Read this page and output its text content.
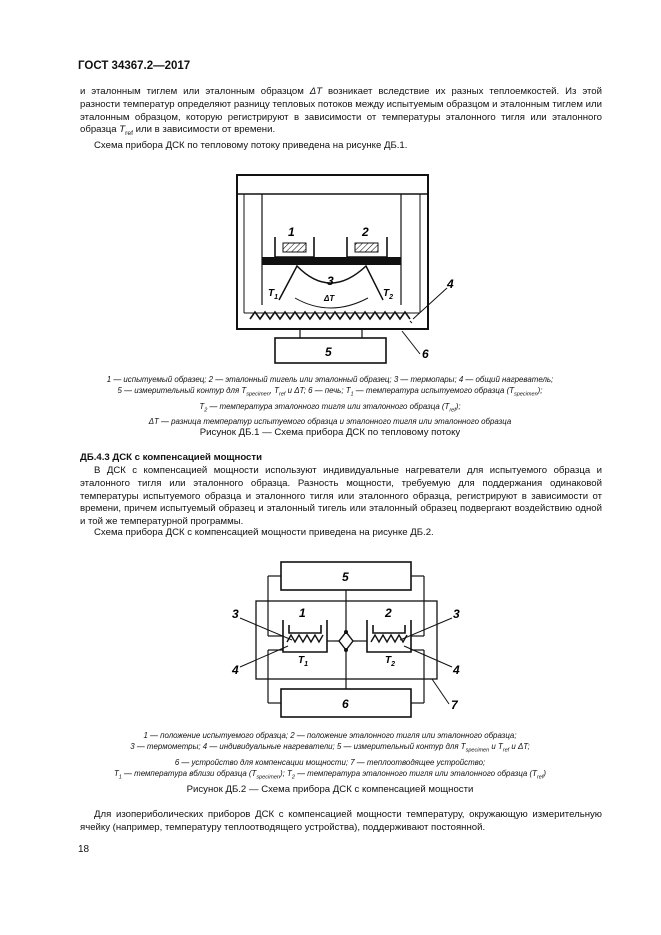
ГОСТ 34367.2—2017

и эталонным тиглем или эталонным образцом ΔT возникает вследствие их разных теплоемкостей. Из этой разности температур определяют разницу тепловых потоков между испытуемым образцом и эталонным тиглем или эталонным образцом, которую регистрируют в зависимости от температуры эталонного тигля или эталонного образца $T_{ref}$ или в зависимости от времени.

Схема прибора ДСК по тепловому потоку приведена на рисунке ДБ.1.

1	2
3
ΔT
$T_1$	$T_2$
4
5	6

1 — испытуемый образец; 2 — эталонный тигель или эталонный образец; 3 — термопары; 4 — общий нагреватель;
5 — измерительный контур для $T_{specimen}$, $T_{ref}$ и ΔT; 6 — печь; $T_1$ — температура испытуемого образца $(T_{specimen})$;
$T_2$ — температура эталонного тигля или эталонного образца $(T_{ref})$;
ΔT — разница температур испытуемого образца и эталонного тигля или эталонного образца

Рисунок ДБ.1 — Схема прибора ДСК по тепловому потоку
ДБ.4.3 ДСК с компенсацией мощности

В ДСК с компенсацией мощности используют индивидуальные нагреватели для испытуемого образца и эталонного тигля или эталонного образца. Разность мощности, требуемую для поддержания одинаковой температуры испытуемого образца и эталонного тигля или эталонного образца, регистрируют в зависимости от времени, причем испытуемый образец и эталонный тигель или эталонный образец подвергают воздействию одной и той же температурной программы.

Схема прибора ДСК с компенсацией мощности приведена на рисунке ДБ.2.

5
6
1	2
3	3
4	4
7
$T_1$	$T_2$

1 — положение испытуемого образца; 2 — положение эталонного тигля или эталонного образца;
3 — термометры; 4 — индивидуальные нагреватели; 5 — измерительный контур для $T_{specimen}$ и $T_{ref}$ и ΔT;
6 — устройство для компенсации мощности; 7 — теплоотводящее устройство;
$T_1$ — температура вблизи образца $(T_{specimen})$; $T_2$ — температура эталонного тигля или эталонного образца $(T_{ref})$

Рисунок ДБ.2 — Схема прибора ДСК с компенсацией мощности

Для изопериболических приборов ДСК с компенсацией мощности температуру, окружающую измерительную ячейку (например, температуру теплоотводящего устройства), поддерживают постоянной.

18
